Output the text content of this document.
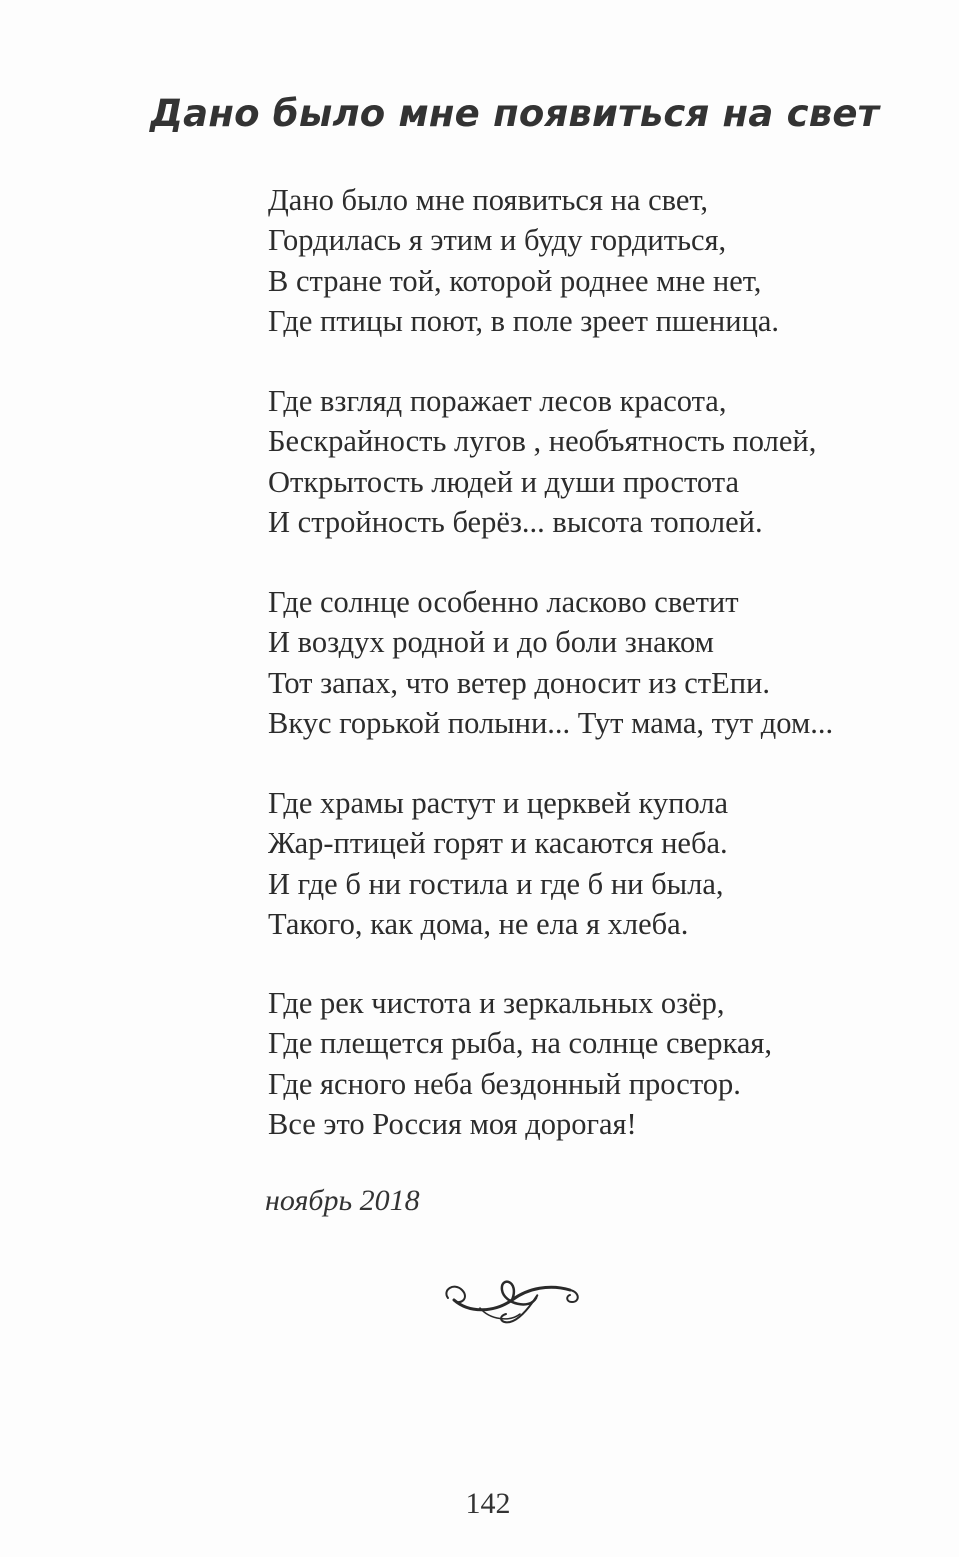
Дано было мне появиться на свет
Дано было мне появиться на свет,
Гордилась я этим и буду гордиться,
В стране той, которой роднее мне нет,
Где птицы поют, в поле зреет пшеница.
Где взгляд поражает лесов красота,
Бескрайность лугов , необъятность полей,
Открытость людей и души простота
И стройность берёз... высота тополей.
Где солнце особенно ласково светит
И воздух родной и до боли знаком
Тот запах, что ветер доносит из стЕпи.
Вкус горькой полыни... Тут мама, тут дом...
Где храмы растут и церквей купола
Жар-птицей горят и касаются неба.
И где б ни гостила и где б ни была,
Такого, как дома, не ела я хлеба.
Где рек чистота и зеркальных озёр,
Где плещется рыба, на солнце сверкая,
Где ясного неба бездонный простор.
Все это Россия моя дорогая!
ноябрь 2018
142
